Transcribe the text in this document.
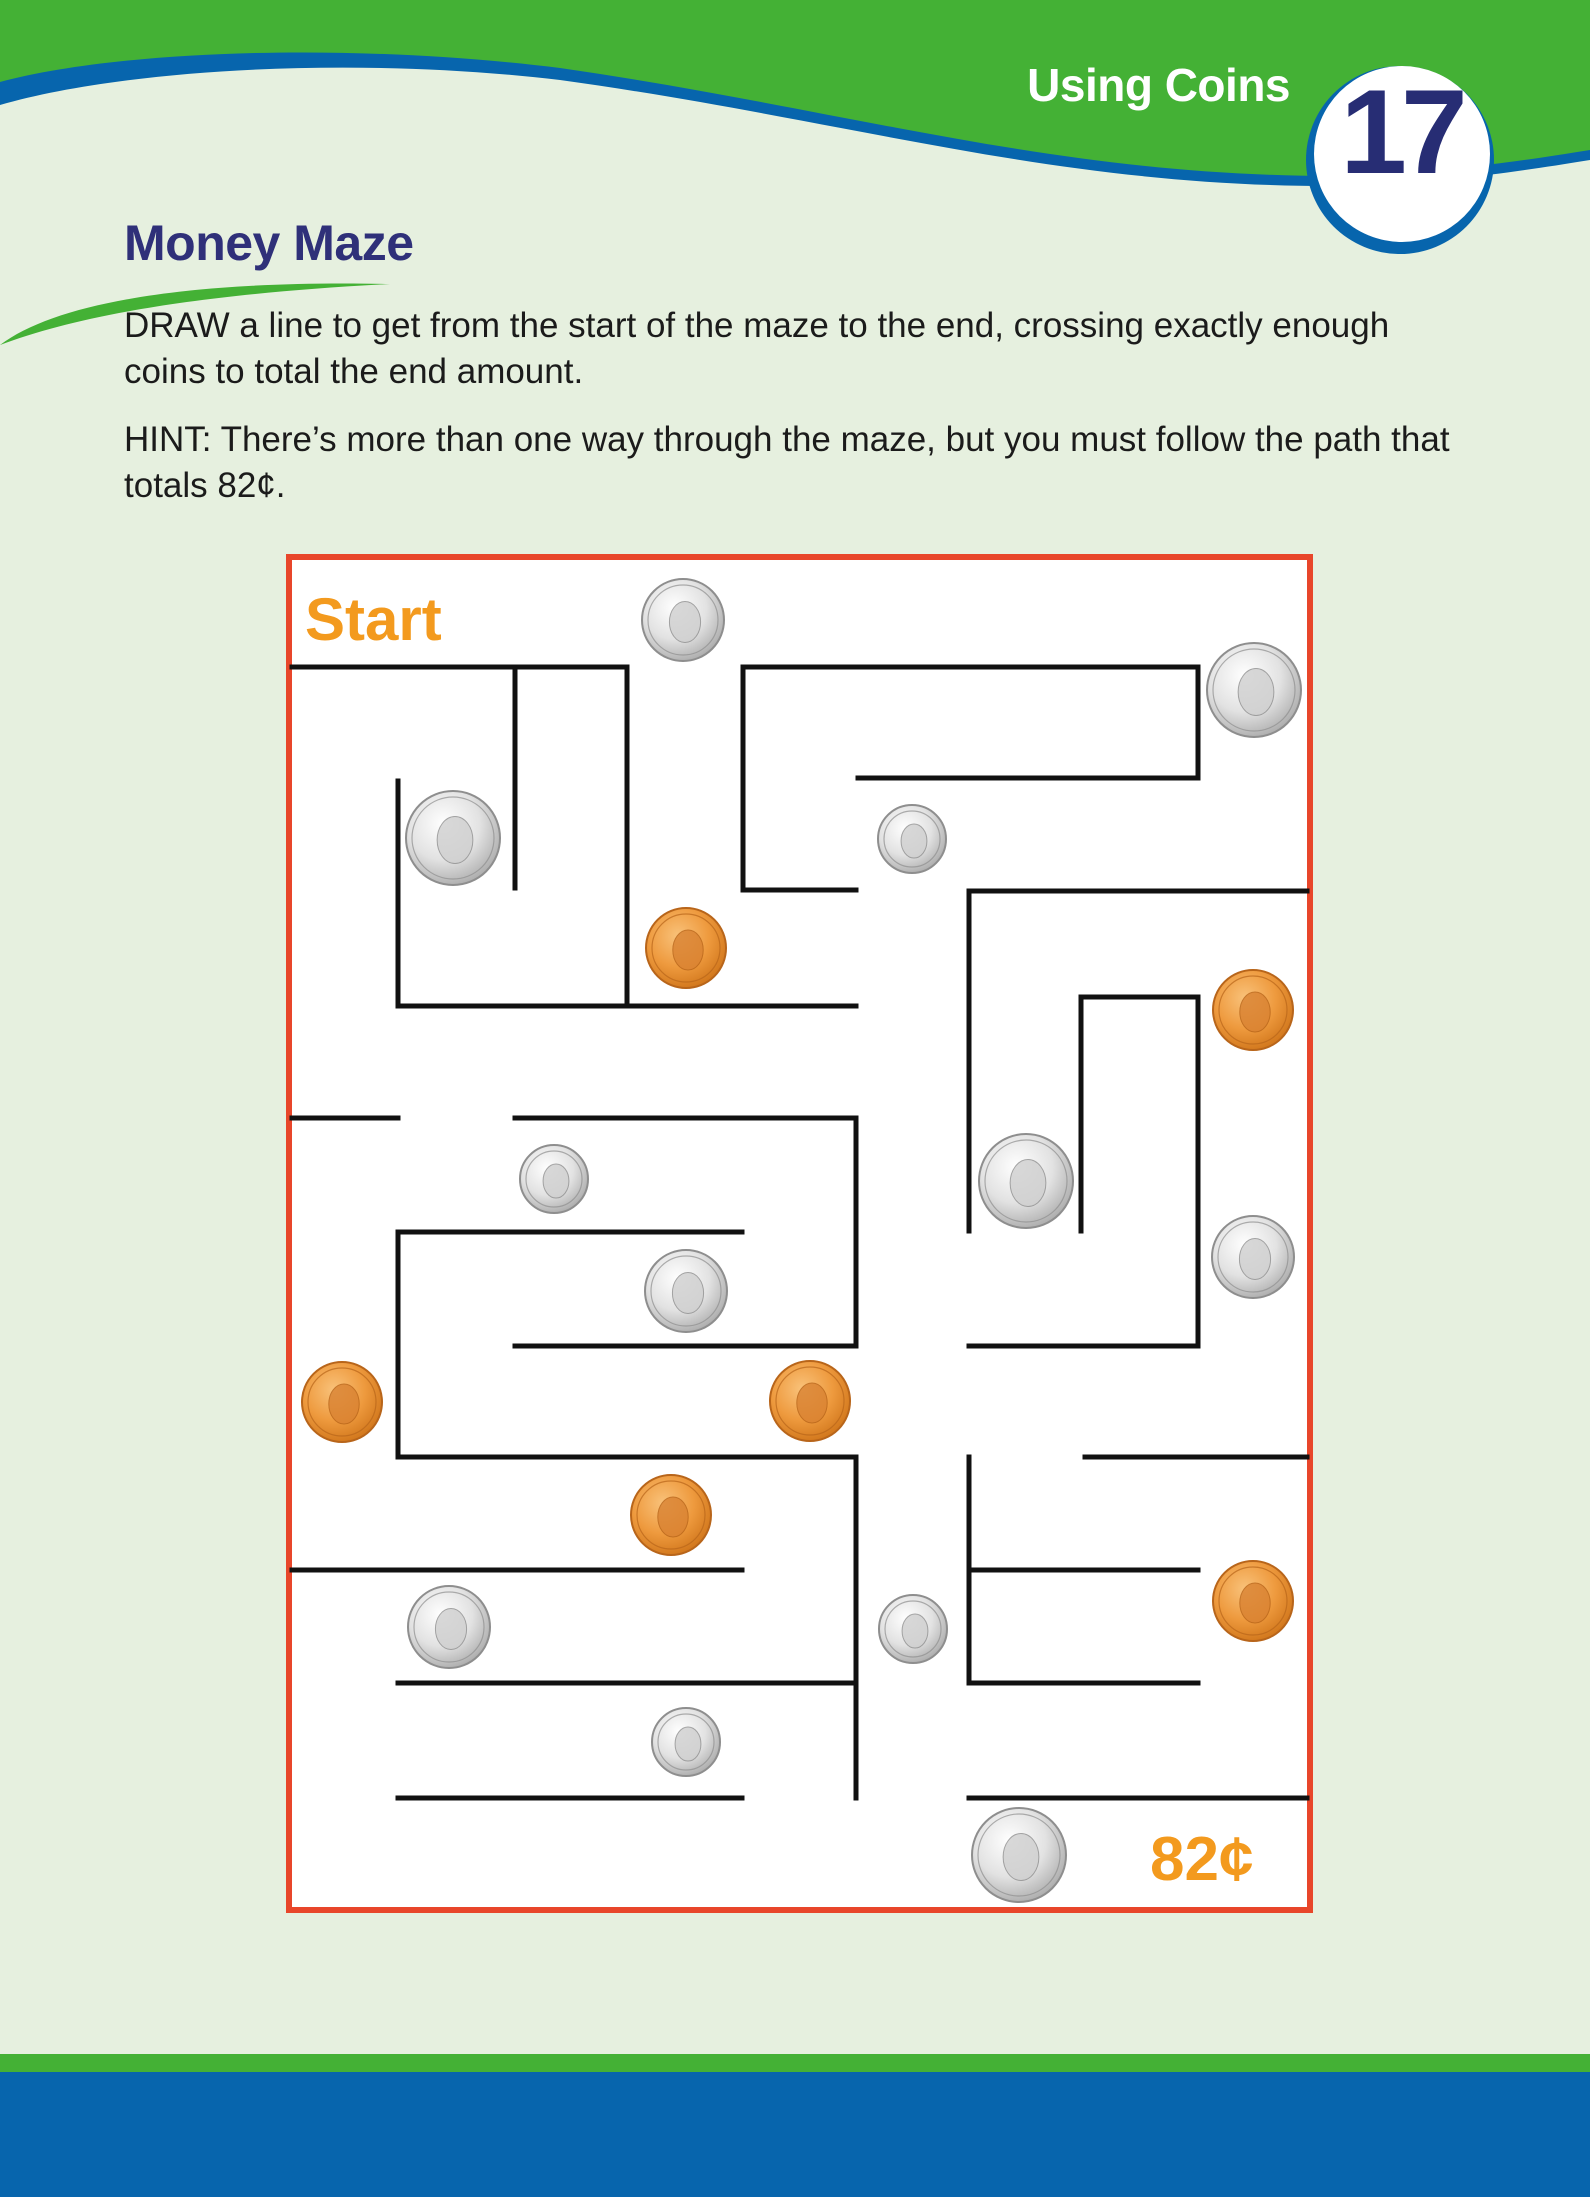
Using Coins 17
Money Maze

DRAW a line to get from the start of the maze to the end, crossing exactly enough coins to total the end amount.

HINT: There’s more than one way through the maze, but you must follow the path that totals 82¢.

Start
82¢
